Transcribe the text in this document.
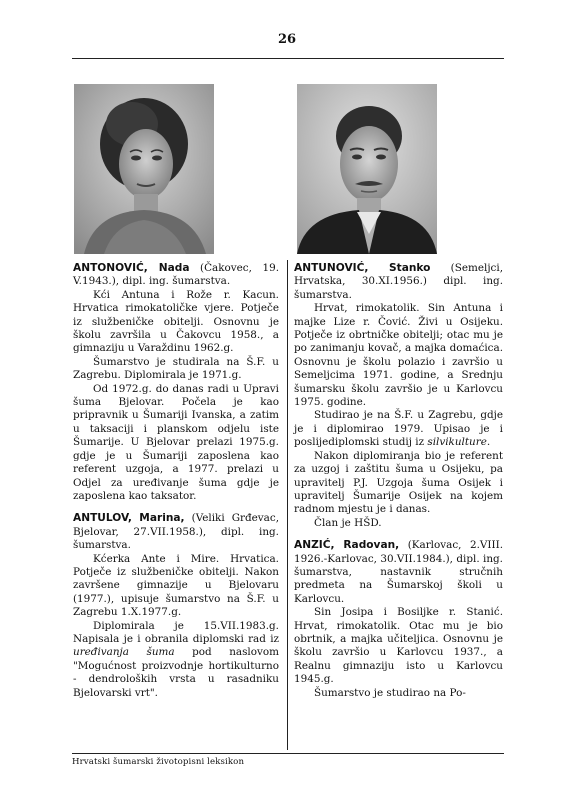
26

ANTONOVIĆ, Nada (Čakovec, 19. V.1943.), dipl. ing. šumarstva.

Kći Antuna i Rože r. Kacun. Hrvatica rimokatoličke vjere. Potječe iz službeničke obitelji. Osnovnu je školu završila u Čakovcu 1958., a gimnaziju u Varaždinu 1962.g.

Šumarstvo je studirala na Š.F. u Zagrebu. Diplomirala je 1971.g.

Od 1972.g. do danas radi u Upravi šuma Bjelovar. Počela je kao pripravnik u Šumariji Ivanska, a zatim u taksaciji i planskom odjelu iste Šumarije. U Bjelovar prelazi 1975.g. gdje je u Šumariji zaposlena kao referent uzgoja, a 1977. prelazi u Odjel za uređivanje šuma gdje je zaposlena kao taksator.

ANTULOV, Marina, (Veliki Grđevac, Bjelovar, 27.VII.1958.), dipl. ing. šumarstva.

Kćerka Ante i Mire. Hrvatica. Potječe iz službeničke obitelji. Nakon završene gimnazije u Bjelovaru (1977.), upisuje šumarstvo na Š.F. u Zagrebu 1.X.1977.g.

Diplomirala je 15.VII.1983.g. Napisala je i obranila diplomski rad iz uređivanja šuma pod naslovom "Mogućnost proizvodnje hortikulturno - dendroloških vrsta u rasadniku Bjelovarski vrt".

ANTUNOVIĆ, Stanko (Semeljci, Hrvatska, 30.XI.1956.) dipl. ing. šumarstva.

Hrvat, rimokatolik. Sin Antuna i majke Lize r. Čović. Živi u Osijeku. Potječe iz obrtničke obitelji; otac mu je po zanimanju kovač, a majka domaćica. Osnovnu je školu polazio i završio u Semeljcima 1971. godine, a Srednju šumarsku školu završio je u Karlovcu 1975. godine.

Studirao je na Š.F. u Zagrebu, gdje je i diplomirao 1979. Upisao je i poslijediplomski studij iz silvikulture.

Nakon diplomiranja bio je referent za uzgoj i zaštitu šuma u Osijeku, pa upravitelj P.J. Uzgoja šuma Osijek i upravitelj Šumarije Osijek na kojem radnom mjestu je i danas.

Član je HŠD.

ANZIĆ, Radovan, (Karlovac, 2.VIII. 1926.-Karlovac, 30.VII.1984.), dipl. ing. šumarstva, nastavnik stručnih predmeta na Šumarskoj školi u Karlovcu.

Sin Josipa i Bosiljke r. Stanić. Hrvat, rimokatolik. Otac mu je bio obrtnik, a majka učiteljica. Osnovnu je školu završio u Karlovcu 1937., a Realnu gimnaziju isto u Karlovcu 1945.g.

Šumarstvo je studirao na Po-

Hrvatski šumarski životopisni leksikon
